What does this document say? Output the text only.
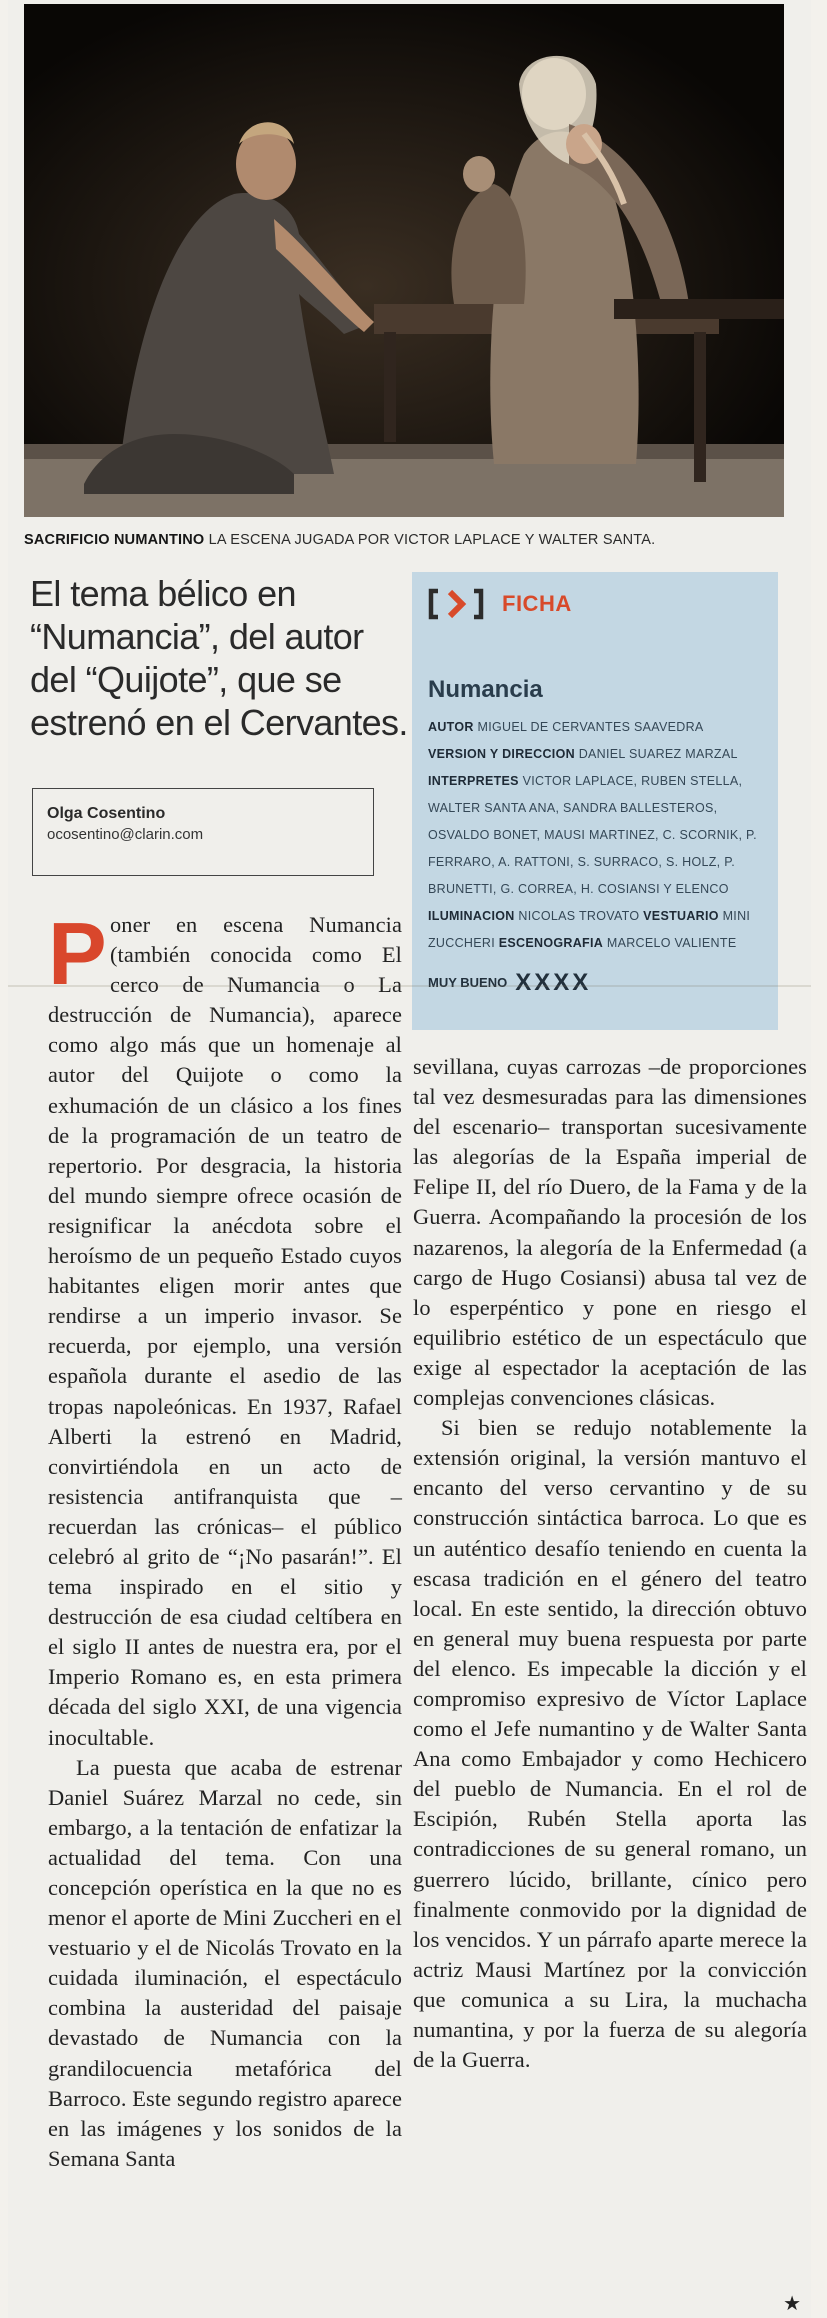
SACRIFICIO NUMANTINO LA ESCENA JUGADA POR VICTOR LAPLACE Y WALTER SANTA.
El tema bélico en “Numancia”, del autor del “Quijote”, que se estrenó en el Cervantes.
Olga Cosentino
ocosentino@clarin.com
FICHA
Numancia
AUTOR MIGUEL DE CERVANTES SAAVEDRA VERSION Y DIRECCION DANIEL SUAREZ MARZAL INTERPRETES VICTOR LAPLACE, RUBEN STELLA, WALTER SANTA ANA, SANDRA BALLESTEROS, OSVALDO BONET, MAUSI MARTINEZ, C. SCORNIK, P. FERRARO, A. RATTONI, S. SURRACO, S. HOLZ, P. BRUNETTI, G. CORREA, H. COSIANSI Y ELENCO ILUMINACION NICOLAS TROVATO VESTUARIO MINI ZUCCHERI ESCENOGRAFIA MARCELO VALIENTE
MUY BUENO XXXX

Poner en escena Numancia (también conocida como El cerco de Numancia o La destrucción de Numancia), aparece como algo más que un homenaje al autor del Quijote o como la exhumación de un clásico a los fines de la programación de un teatro de repertorio. Por desgracia, la historia del mundo siempre ofrece ocasión de resignificar la anécdota sobre el heroísmo de un pequeño Estado cuyos habitantes eligen morir antes que rendirse a un imperio invasor. Se recuerda, por ejemplo, una versión española durante el asedio de las tropas napoleónicas. En 1937, Rafael Alberti la estrenó en Madrid, convirtiéndola en un acto de resistencia antifranquista que –recuerdan las crónicas– el público celebró al grito de “¡No pasarán!”. El tema inspirado en el sitio y destrucción de esa ciudad celtíbera en el siglo II antes de nuestra era, por el Imperio Romano es, en esta primera década del siglo XXI, de una vigencia inocultable.

La puesta que acaba de estrenar Daniel Suárez Marzal no cede, sin embargo, a la tentación de enfatizar la actualidad del tema. Con una concepción operística en la que no es menor el aporte de Mini Zuccheri en el vestuario y el de Nicolás Trovato en la cuidada iluminación, el espectáculo combina la austeridad del paisaje devastado de Numancia con la grandilocuencia metafórica del Barroco. Este segundo registro aparece en las imágenes y los sonidos de la Semana Santa

sevillana, cuyas carrozas –de proporciones tal vez desmesuradas para las dimensiones del escenario– transportan sucesivamente las alegorías de la España imperial de Felipe II, del río Duero, de la Fama y de la Guerra. Acompañando la procesión de los nazarenos, la alegoría de la Enfermedad (a cargo de Hugo Cosiansi) abusa tal vez de lo esperpéntico y pone en riesgo el equilibrio estético de un espectáculo que exige al espectador la aceptación de las complejas convenciones clásicas.

Si bien se redujo notablemente la extensión original, la versión mantuvo el encanto del verso cervantino y de su construcción sintáctica barroca. Lo que es un auténtico desafío teniendo en cuenta la escasa tradición en el género del teatro local. En este sentido, la dirección obtuvo en general muy buena respuesta por parte del elenco. Es impecable la dicción y el compromiso expresivo de Víctor Laplace como el Jefe numantino y de Walter Santa Ana como Embajador y como Hechicero del pueblo de Numancia. En el rol de Escipión, Rubén Stella aporta las contradicciones de su general romano, un guerrero lúcido, brillante, cínico pero finalmente conmovido por la dignidad de los vencidos. Y un párrafo aparte merece la actriz Mausi Martínez por la convicción que comunica a su Lira, la muchacha numantina, y por la fuerza de su alegoría de la Guerra.

★
